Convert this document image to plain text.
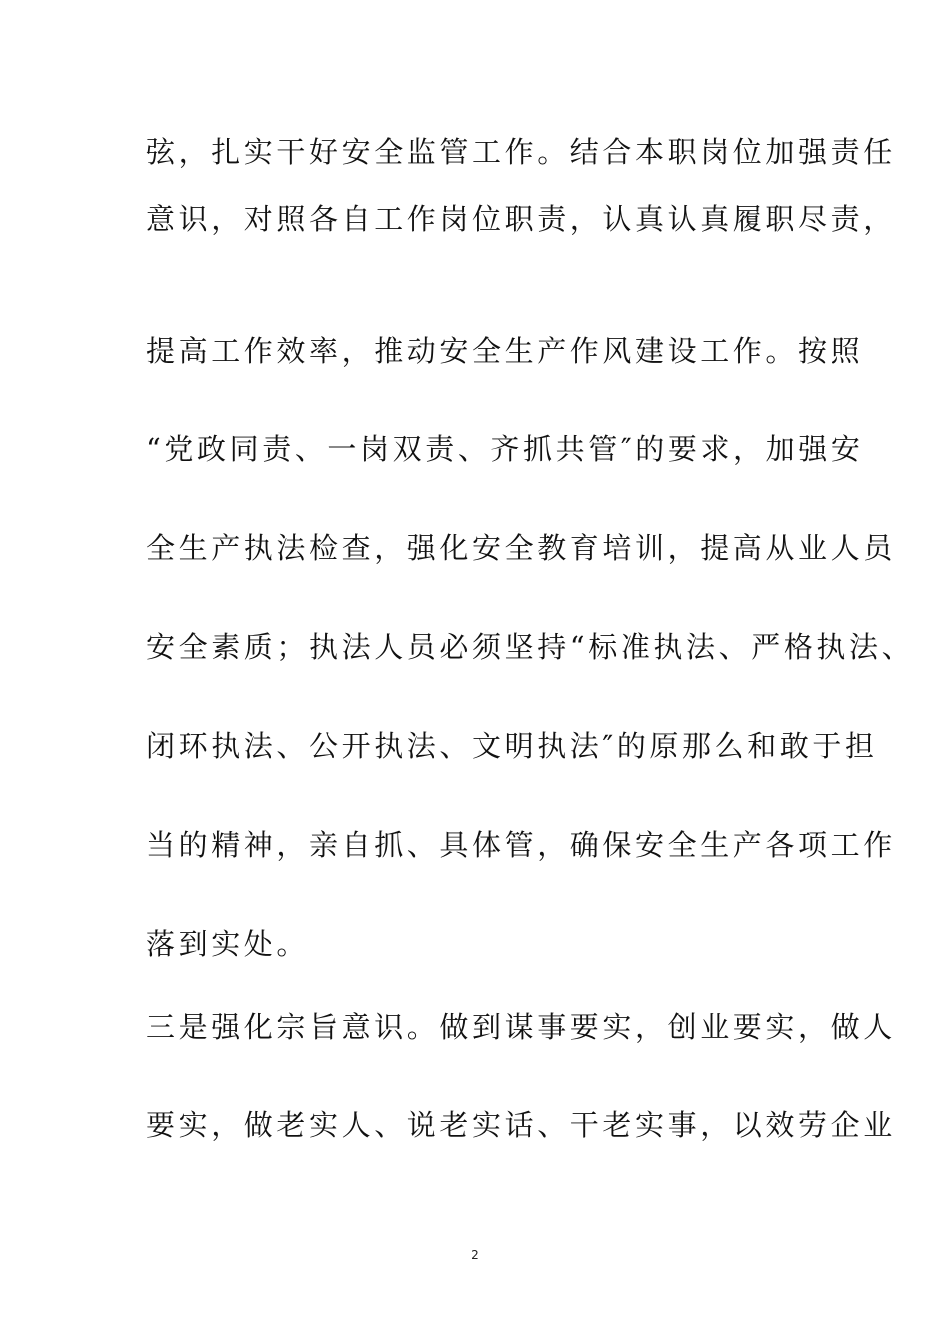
弦，扎实干好安全监管工作。结合本职岗位加强责任
意识，对照各自工作岗位职责，认真认真履职尽责，
提高工作效率，推动安全生产作风建设工作。按照
“党政同责、一岗双责、齐抓共管″的要求，加强安
全生产执法检查，强化安全教育培训，提高从业人员
安全素质；执法人员必须坚持“标准执法、严格执法、
闭环执法、公开执法、文明执法″的原那么和敢于担
当的精神，亲自抓、具体管，确保安全生产各项工作
落到实处。
三是强化宗旨意识。做到谋事要实，创业要实，做人
要实，做老实人、说老实话、干老实事，以效劳企业
2
